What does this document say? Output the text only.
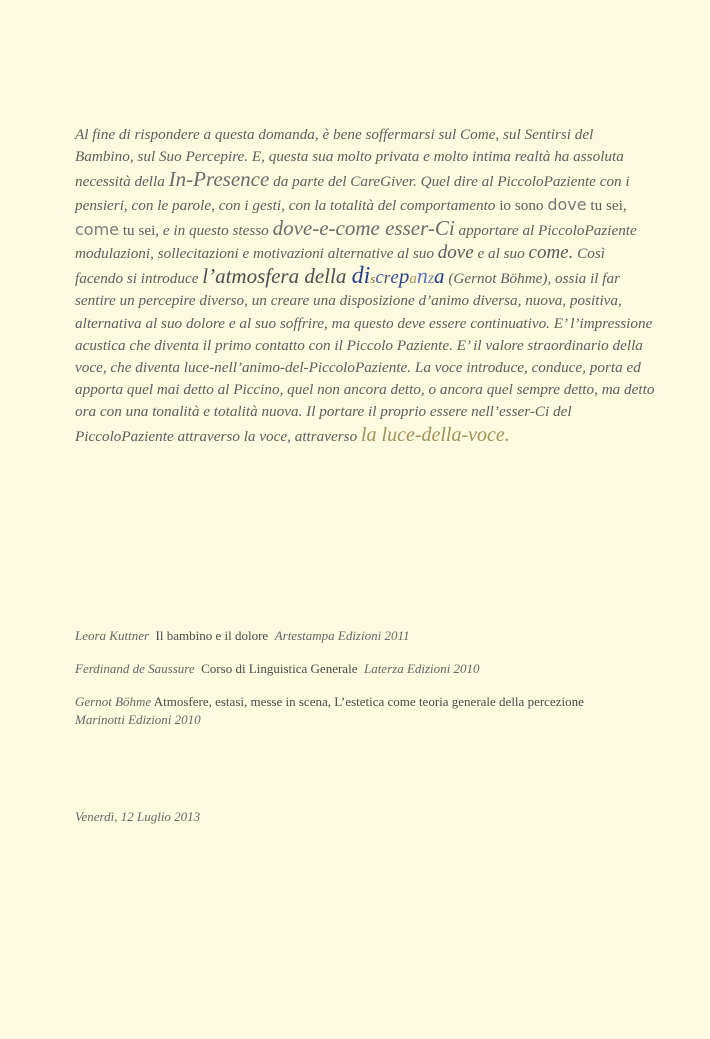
Al fine di rispondere a questa domanda, è bene soffermarsi sul Come, sul Sentirsi del Bambino, sul Suo Percepire. E, questa sua molto privata e molto intima realtà ha assoluta necessità della In-Presence da parte del CareGiver. Quel dire al PiccoloPaziente con i pensieri, con le parole, con i gesti, con la totalità del comportamento io sono dove tu sei, come tu sei, e in questo stesso dove-e-come esser-Ci apportare al PiccoloPaziente modulazioni, sollecitazioni e motivazioni alternative al suo dove e al suo come. Così facendo si introduce l’atmosfera della discrepanza (Gernot Böhme), ossia il far sentire un percepire diverso, un creare una disposizione d’animo diversa, nuova, positiva, alternativa al suo dolore e al suo soffrire, ma questo deve essere continuativo. E’ l’impressione acustica che diventa il primo contatto con il Piccolo Paziente. E’ il valore straordinario della voce, che diventa luce-nell’animo-del-PiccoloPaziente. La voce introduce, conduce, porta ed apporta quel mai detto al Piccino, quel non ancora detto, o ancora quel sempre detto, ma detto ora con una tonalità e totalità nuova. Il portare il proprio essere nell’esser-Ci del PiccoloPaziente attraverso la voce, attraverso la luce-della-voce.

Leora Kuttner Il bambino e il dolore Artestampa Edizioni 2011
Ferdinand de Saussure Corso di Linguistica Generale Laterza Edizioni 2010
Gernot Böhme Atmosfere, estasi, messe in scena, L’estetica come teoria generale della percezione
Marinotti Edizioni 2010
Venerdì, 12 Luglio 2013
